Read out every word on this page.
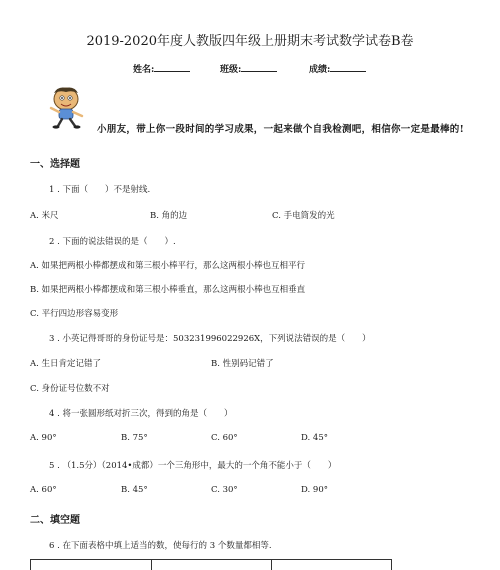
2019-2020年度人教版四年级上册期末考试数学试卷B卷
姓名:	班级:	成绩:
小朋友，带上你一段时间的学习成果，一起来做个自我检测吧，相信你一定是最棒的!
一、选择题
1 . 下面（　　）不是射线.
A. 米尺	B. 角的边	C. 手电筒发的光
2 . 下面的说法错误的是（　　）.
A. 如果把两根小棒都摆成和第三根小棒平行，那么这两根小棒也互相平行
B. 如果把两根小棒都摆成和第三根小棒垂直，那么这两根小棒也互相垂直
C. 平行四边形容易变形
3 . 小英记得哥哥的身份证号是：503231996022926X，下列说法错误的是（　　）
A. 生日肯定记错了	B. 性别码记错了
C. 身份证号位数不对
4 . 将一张圆形纸对折三次，得到的角是（　　）
A. 90°	B. 75°	C. 60°	D. 45°
5 . （1.5分）（2014•成都）一个三角形中，最大的一个角不能小于（　　）
A. 60°	B. 45°	C. 30°	D. 90°
二、填空题
6 . 在下面表格中填上适当的数，使每行的 3 个数量都相等.
